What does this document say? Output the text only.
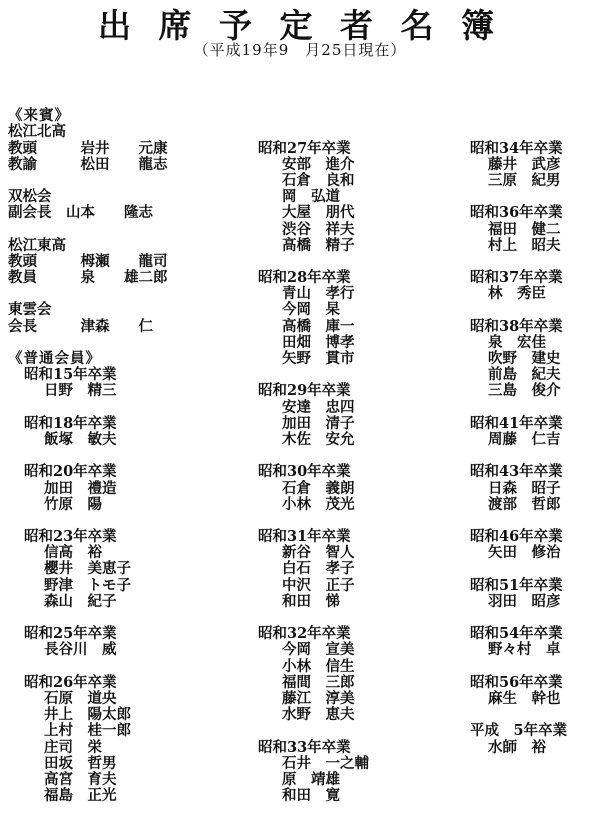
出 席 予 定 者 名 簿
（平成19年9　月25日現在）
《来賓》
松江北高
教頭　　　岩井　　元康
教諭　　　松田　　龍志
双松会
副会長　山本　　隆志
松江東高
教頭　　　栂瀬　　龍司
教員　　　泉　　雄二郎
東雲会
会長　　　津森　　仁
《普通会員》
昭和15年卒業
日野　精三
昭和18年卒業
飯塚　敏夫
昭和20年卒業
加田　禮造
竹原　陽
昭和23年卒業
信高　裕
櫻井　美恵子
野津　トモ子
森山　紀子
昭和25年卒業
長谷川　威
昭和26年卒業
石原　道央
井上　陽太郎
上村　桂一郎
庄司　栄
田坂　哲男
高宮　育夫
福島　正光
昭和27年卒業
安部　進介
石倉　良和
岡　弘道
大屋　朋代
渋谷　祥夫
高橋　精子
昭和28年卒業
青山　孝行
今岡　杲
高橋　庫一
田畑　博孝
矢野　貫市
昭和29年卒業
安達　忠四
加田　清子
木佐　安允
昭和30年卒業
石倉　義朗
小林　茂光
昭和31年卒業
新谷　智人
白石　孝子
中沢　正子
和田　悌
昭和32年卒業
今岡　宣美
小林　信生
福間　三郎
藤江　淳美
水野　恵夫
昭和33年卒業
石井　一之輔
原　靖雄
和田　寛
昭和34年卒業
藤井　武彦
三原　紀男
昭和36年卒業
福田　健二
村上　昭夫
昭和37年卒業
林　秀臣
昭和38年卒業
泉　宏佳
吹野　建史
前島　紀夫
三島　俊介
昭和41年卒業
周藤　仁吉
昭和43年卒業
日森　昭子
渡部　哲郎
昭和46年卒業
矢田　修治
昭和51年卒業
羽田　昭彦
昭和54年卒業
野々村　卓
昭和56年卒業
麻生　幹也
平成　5年卒業
水師　裕
